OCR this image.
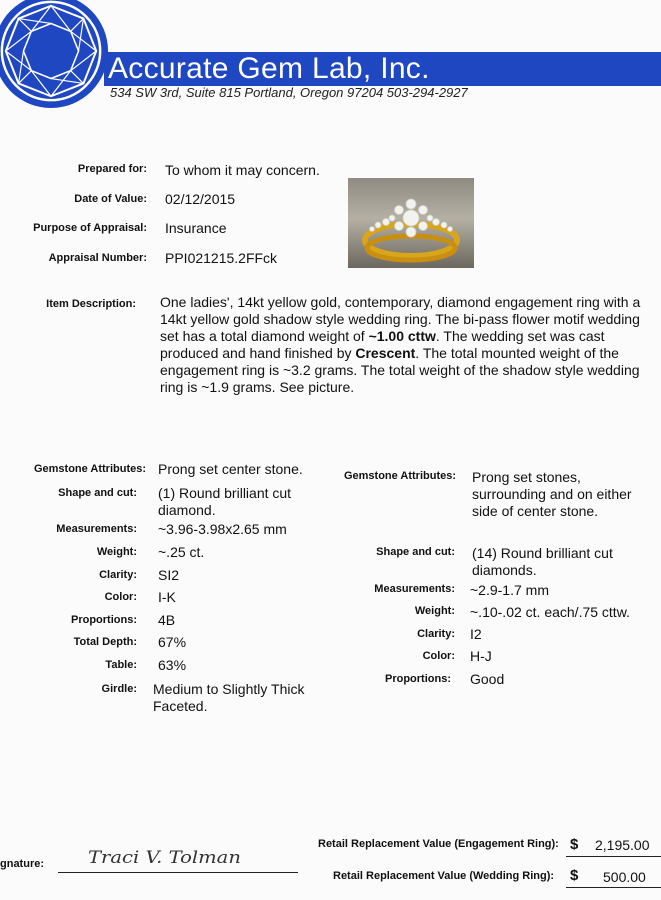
Accurate Gem Lab, Inc.
534 SW 3rd, Suite 815 Portland, Oregon 97204 503-294-2927
Prepared for: To whom it may concern.
Date of Value: 02/12/2015
Purpose of Appraisal: Insurance
Appraisal Number: PPI021215.2FFck
Item Description: One ladies', 14kt yellow gold, contemporary, diamond engagement ring with a 14kt yellow gold shadow style wedding ring. The bi-pass flower motif wedding set has a total diamond weight of ~1.00 cttw. The wedding set was cast produced and hand finished by Crescent. The total mounted weight of the engagement ring is ~3.2 grams. The total weight of the shadow style wedding ring is ~1.9 grams. See picture.
Gemstone Attributes: Prong set center stone.
Shape and cut: (1) Round brilliant cut diamond.
Measurements: ~3.96-3.98x2.65 mm
Weight: ~.25 ct.
Clarity: SI2
Color: I-K
Proportions: 4B
Total Depth: 67%
Table: 63%
Girdle: Medium to Slightly Thick Faceted.
Gemstone Attributes: Prong set stones, surrounding and on either side of center stone.
Shape and cut: (14) Round brilliant cut diamonds.
Measurements: ~2.9-1.7 mm
Weight: ~.10-.02 ct. each/.75 cttw.
Clarity: I2
Color: H-J
Proportions: Good
gnature:	Traci V. Tolman
Retail Replacement Value (Engagement Ring): $ 2,195.00
Retail Replacement Value (Wedding Ring): $ 500.00
